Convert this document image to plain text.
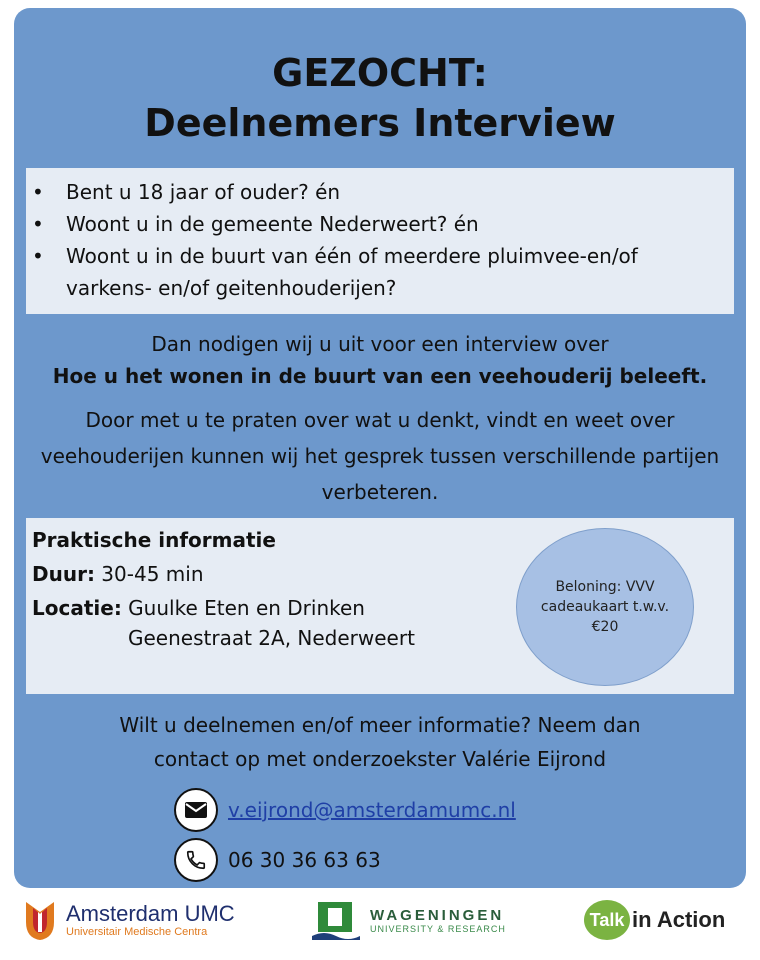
GEZOCHT:
Deelnemers Interview
• Bent u 18 jaar of ouder? én
• Woont u in de gemeente Nederweert? én
• Woont u in de buurt van één of meerdere pluimvee-en/of varkens- en/of geitenhouderijen?
Dan nodigen wij u uit voor een interview over
Hoe u het wonen in de buurt van een veehouderij beleeft.
Door met u te praten over wat u denkt, vindt en weet over veehouderijen kunnen wij het gesprek tussen verschillende partijen verbeteren.
Praktische informatie
Duur: 30-45 min
Locatie: Guulke Eten en Drinken
Geenestraat 2A, Nederweert
Beloning: VVV cadeaukaart t.w.v. €20
Wilt u deelnemen en/of meer informatie? Neem dan
contact op met onderzoekster Valérie Eijrond
v.eijrond@amsterdamumc.nl
06 30 36 63 63
Amsterdam UMC
Universitair Medische Centra
WAGENINGEN
UNIVERSITY & RESEARCH	Talk in Action
